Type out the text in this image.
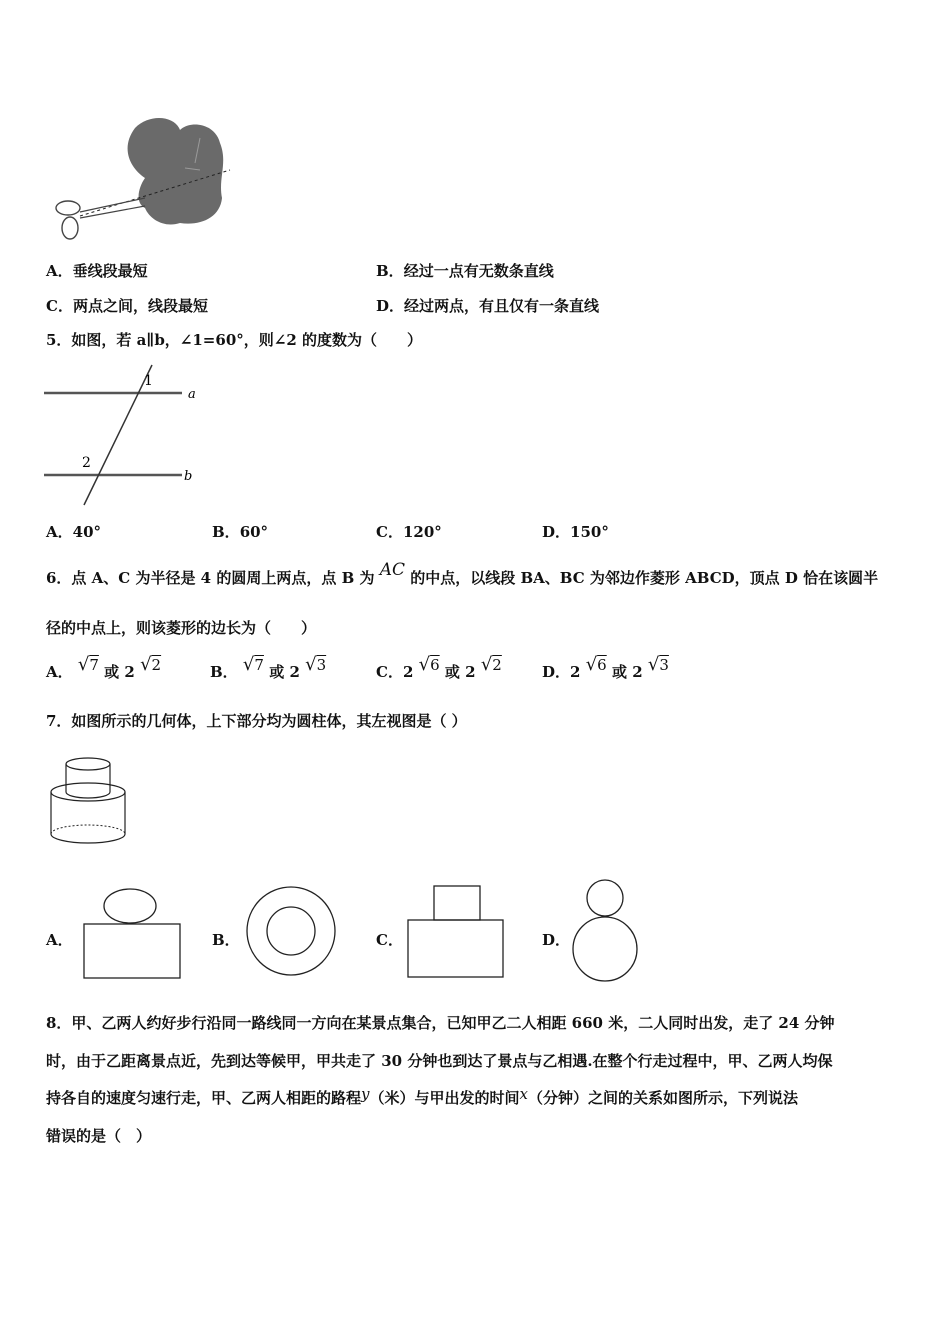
A．垂线段最短	B．经过一点有无数条直线
C．两点之间，线段最短	D．经过两点，有且仅有一条直线
5．如图，若 a∥b，∠1=60°，则∠2 的度数为（　　）
1
2
a
b
A．40°	B．60°	C．120°	D．150°
6．点 A、C 为半径是 4 的圆周上两点，点 B 为 AC 的中点，以线段 BA、BC 为邻边作菱形 ABCD，顶点 D 恰在该圆半
径的中点上，则该菱形的边长为（　　）
A． √7 或 2 √2	B． √7 或 2 √3	C．2 √6 或 2 √2	D．2 √6 或 2 √3
7．如图所示的几何体，上下部分均为圆柱体，其左视图是（ ）
A．	B．	C．	D．
8．甲、乙两人约好步行沿同一路线同一方向在某景点集合，已知甲乙二人相距 660 米，二人同时出发，走了 24 分钟
时，由于乙距离景点近，先到达等候甲，甲共走了 30 分钟也到达了景点与乙相遇.在整个行走过程中，甲、乙两人均保
持各自的速度匀速行走，甲、乙两人相距的路程y（米）与甲出发的时间x（分钟）之间的关系如图所示，下列说法
错误的是（　）
